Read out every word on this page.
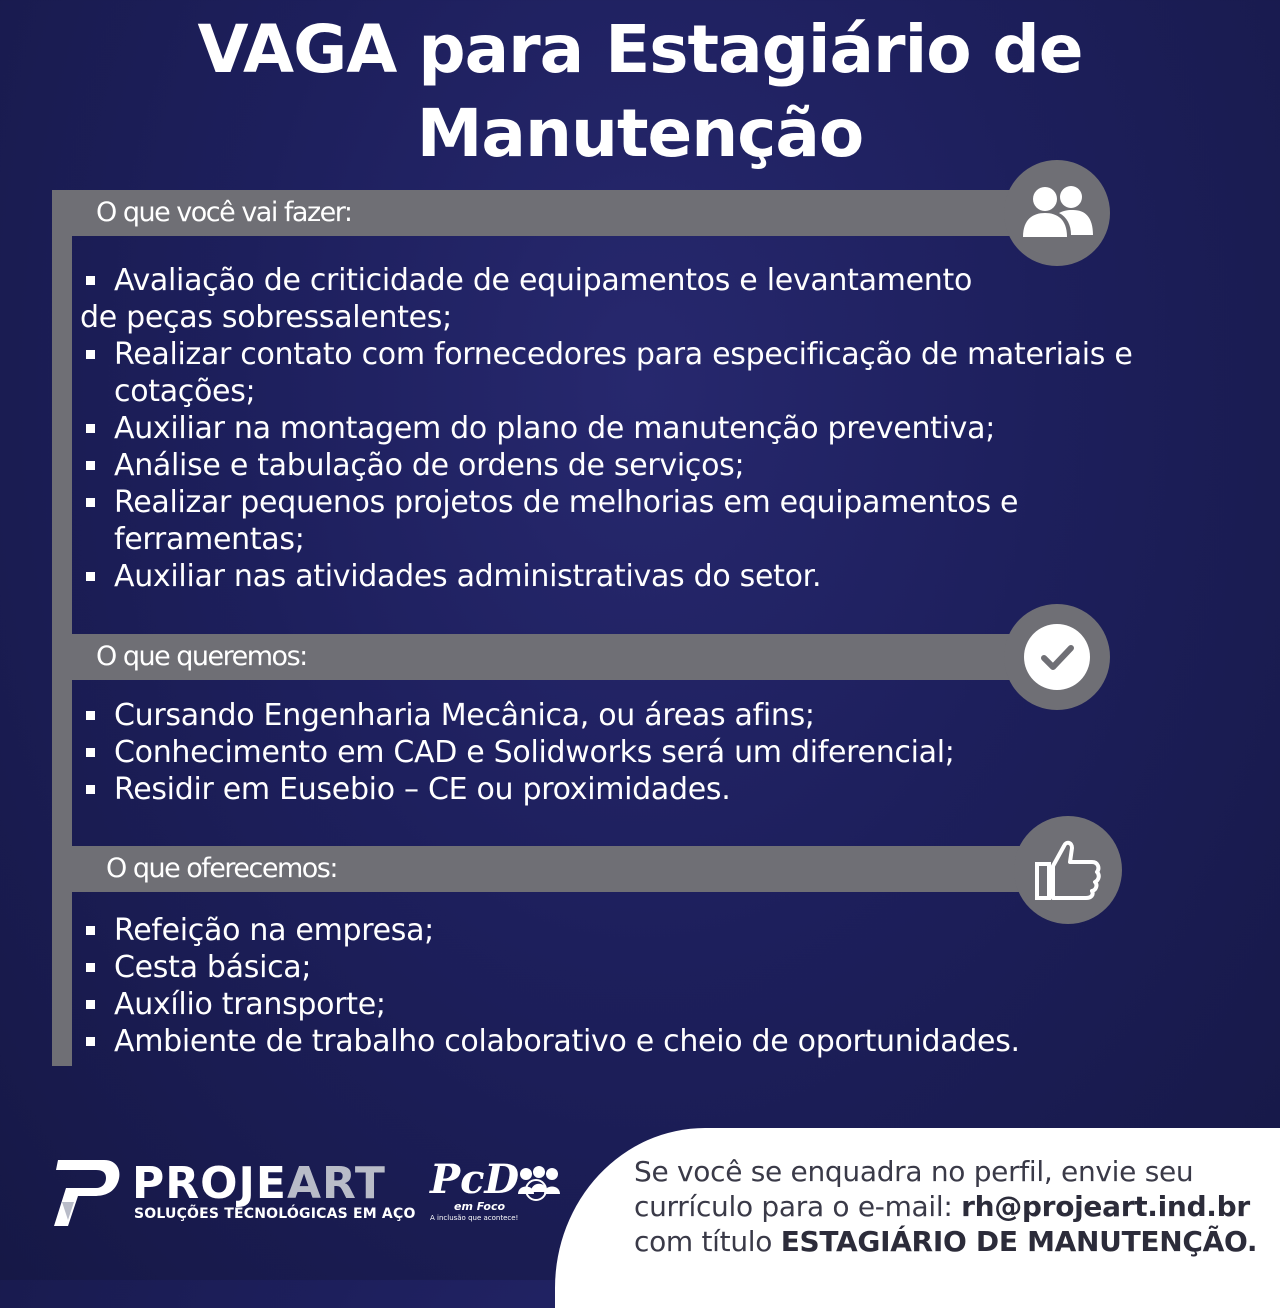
VAGA para Estagiário de
Manutenção
O que você vai fazer:
Avaliação de criticidade de equipamentos e levantamento
de peças sobressalentes;
Realizar contato com fornecedores para especificação de materiais e
cotações;
Auxiliar na montagem do plano de manutenção preventiva;
Análise e tabulação de ordens de serviços;
Realizar pequenos projetos de melhorias em equipamentos e
ferramentas;
Auxiliar nas atividades administrativas do setor.
O que queremos:
Cursando Engenharia Mecânica, ou áreas afins;
Conhecimento em CAD e Solidworks será um diferencial;
Residir em Eusebio – CE ou proximidades.
O que oferecemos:
Refeição na empresa;
Cesta básica;
Auxílio transporte;
Ambiente de trabalho colaborativo e cheio de oportunidades.
PROJEART
SOLUÇÕES TECNOLÓGICAS EM AÇO
PcD
em Foco
A inclusão que acontece!
Se você se enquadra no perfil, envie seu
currículo para o e-mail: rh@projeart.ind.br
com título ESTAGIÁRIO DE MANUTENÇÃO.
